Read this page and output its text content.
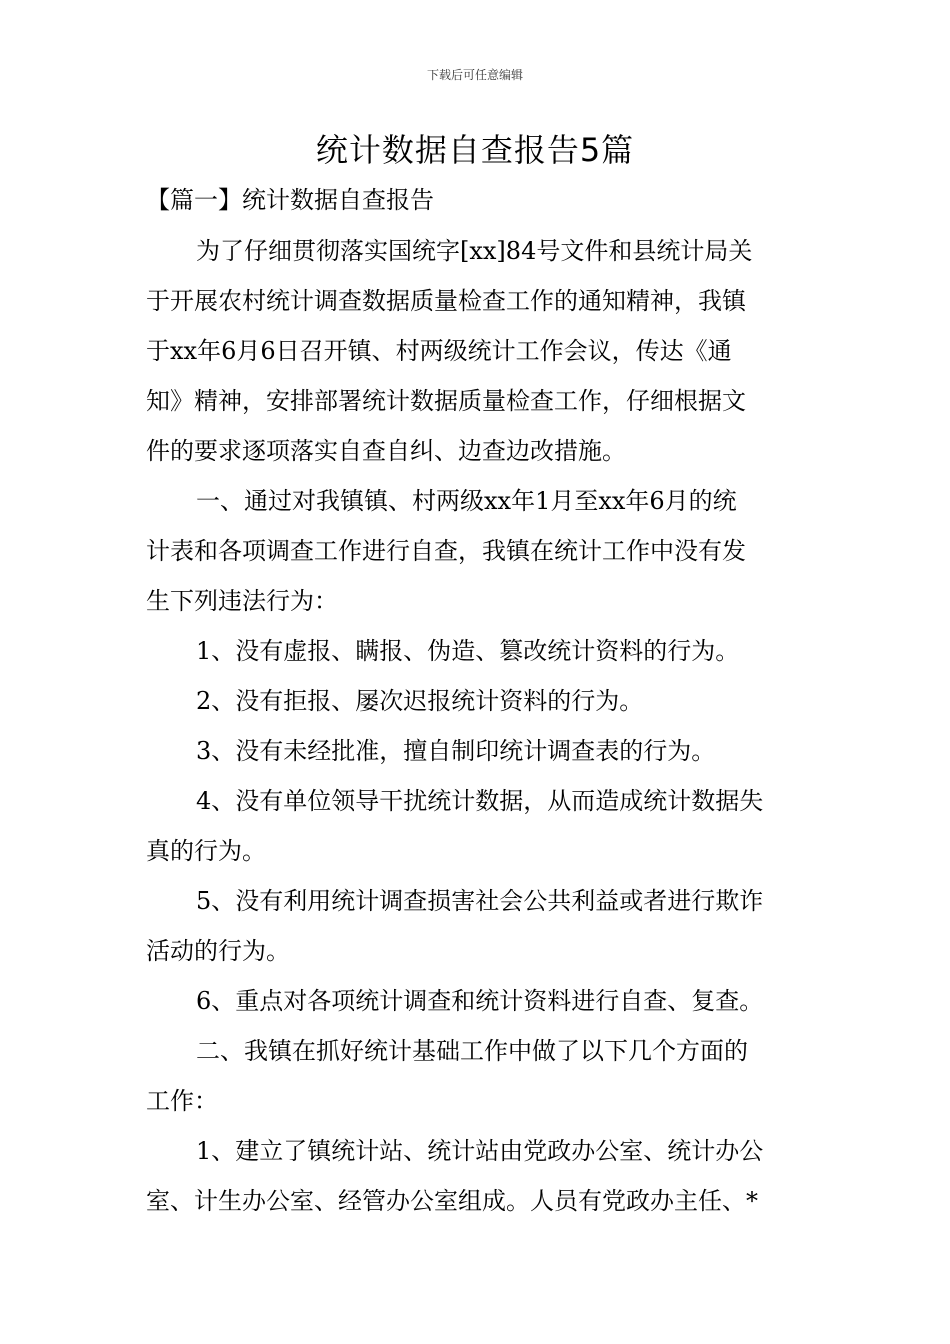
下载后可任意编辑
统计数据自查报告5篇
【篇一】统计数据自查报告
为了仔细贯彻落实国统字[xx]84号文件和县统计局关
于开展农村统计调查数据质量检查工作的通知精神，我镇
于xx年6月6日召开镇、村两级统计工作会议，传达《通
知》精神，安排部署统计数据质量检查工作，仔细根据文
件的要求逐项落实自查自纠、边查边改措施。
一、通过对我镇镇、村两级xx年1月至xx年6月的统
计表和各项调查工作进行自查，我镇在统计工作中没有发
生下列违法行为：
1、没有虚报、瞒报、伪造、篡改统计资料的行为。
2、没有拒报、屡次迟报统计资料的行为。
3、没有未经批准，擅自制印统计调查表的行为。
4、没有单位领导干扰统计数据，从而造成统计数据失
真的行为。
5、没有利用统计调查损害社会公共利益或者进行欺诈
活动的行为。
6、重点对各项统计调查和统计资料进行自查、复查。
二、我镇在抓好统计基础工作中做了以下几个方面的
工作：
1、建立了镇统计站、统计站由党政办公室、统计办公
室、计生办公室、经管办公室组成。人员有党政办主任、*
